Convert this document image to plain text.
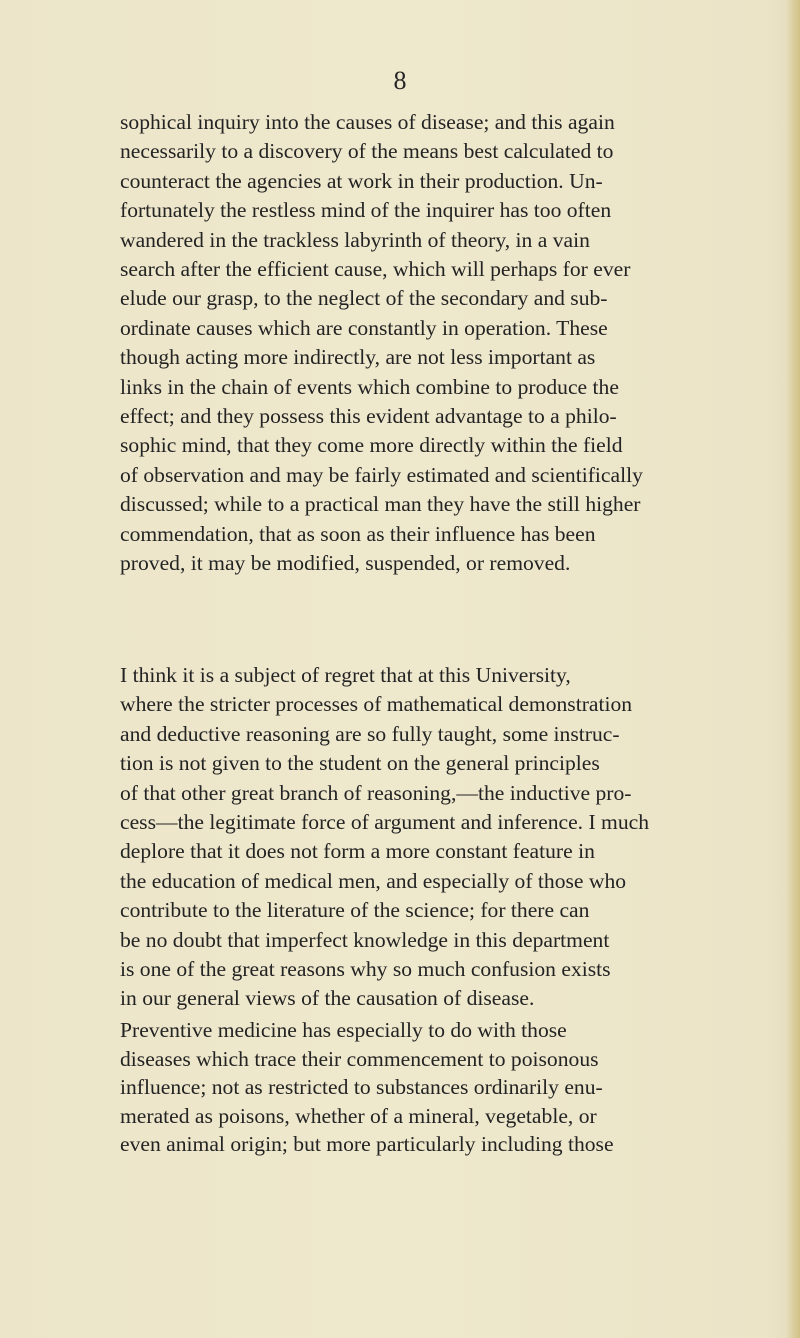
8

sophical inquiry into the causes of disease; and this again
necessarily to a discovery of the means best calculated to
counteract the agencies at work in their production. Un-
fortunately the restless mind of the inquirer has too often
wandered in the trackless labyrinth of theory, in a vain
search after the efficient cause, which will perhaps for ever
elude our grasp, to the neglect of the secondary and sub-
ordinate causes which are constantly in operation. These
though acting more indirectly, are not less important as
links in the chain of events which combine to produce the
effect; and they possess this evident advantage to a philo-
sophic mind, that they come more directly within the field
of observation and may be fairly estimated and scientifically
discussed; while to a practical man they have the still higher
commendation, that as soon as their influence has been
proved, it may be modified, suspended, or removed.

I think it is a subject of regret that at this University,
where the stricter processes of mathematical demonstration
and deductive reasoning are so fully taught, some instruc-
tion is not given to the student on the general principles
of that other great branch of reasoning,—the inductive pro-
cess—the legitimate force of argument and inference. I much
deplore that it does not form a more constant feature in
the education of medical men, and especially of those who
contribute to the literature of the science; for there can
be no doubt that imperfect knowledge in this department
is one of the great reasons why so much confusion exists
in our general views of the causation of disease.

Preventive medicine has especially to do with those
diseases which trace their commencement to poisonous
influence; not as restricted to substances ordinarily enu-
merated as poisons, whether of a mineral, vegetable, or
even animal origin; but more particularly including those
